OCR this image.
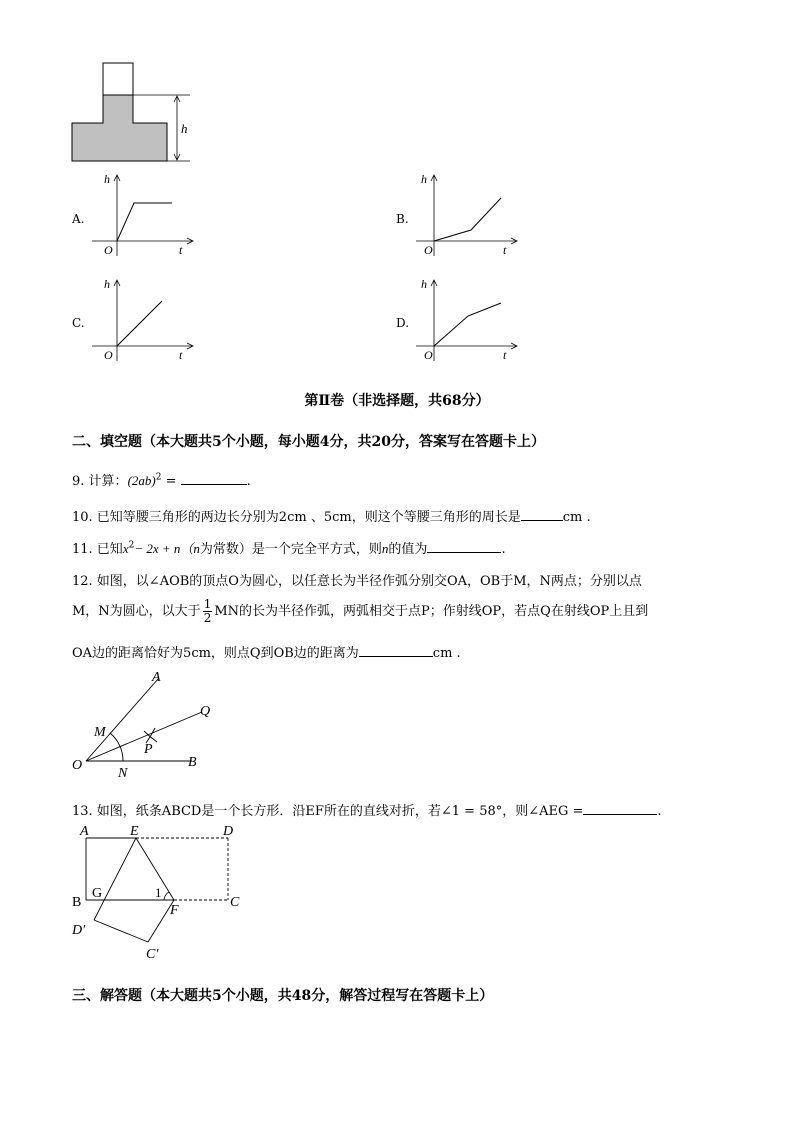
h
A.
h
t
O
B.
h
t
O
C.
h
t
O
D.
h
t
O
第Ⅱ卷（非选择题，共68分）
二、填空题（本大题共5个小题，每小题4分，共20分，答案写在答题卡上）
9. 计算：$(2ab)^2$ =	.
10. 已知等腰三角形的两边长分别为2cm 、5cm，则这个等腰三角形的周长是	cm .
11. 已知$x^2- 2x + n(n$为常数）是一个完全平方式，则n的值为	.
12. 如图，以∠AOB的顶点O为圆心，以任意长为半径作弧分别交OA，OB于M，N两点；分别以点
M，N为圆心，以大于 $\frac{1}{2}$ MN的长为半径作弧，两弧相交于点P；作射线OP，若点Q在射线OP上且到
OA边的距离恰好为5cm，则点Q到OB边的距离为	cm .
A
Q
M
P
O
N
B
13. 如图，纸条ABCD是一个长方形．沿EF所在的直线对折，若∠1 = 58°，则∠AEG =	.
A	E	D
B
G	1
F
C
D′
C′
三、解答题（本大题共5个小题，共48分，解答过程写在答题卡上）
